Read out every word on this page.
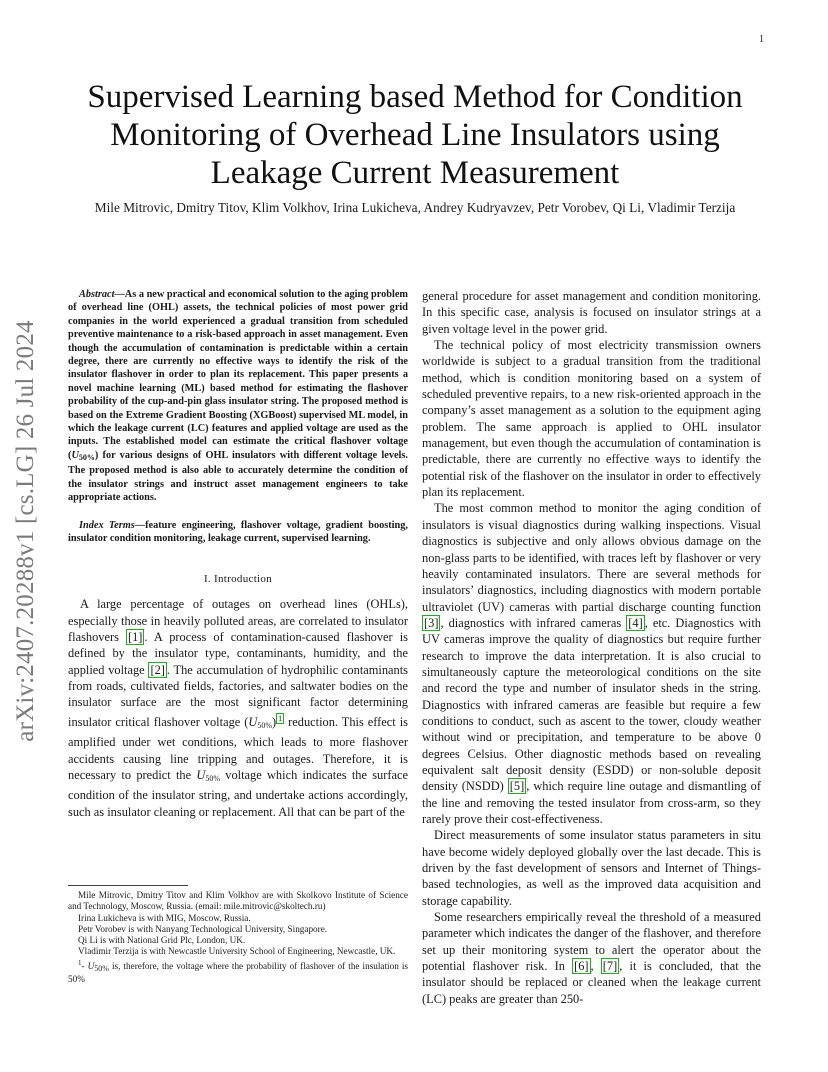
1
arXiv:2407.20288v1 [cs.LG] 26 Jul 2024
Supervised Learning based Method for Condition Monitoring of Overhead Line Insulators using Leakage Current Measurement
Mile Mitrovic, Dmitry Titov, Klim Volkhov, Irina Lukicheva, Andrey Kudryavzev, Petr Vorobev, Qi Li, Vladimir Terzija

Abstract—As a new practical and economical solution to the aging problem of overhead line (OHL) assets, the technical policies of most power grid companies in the world experienced a gradual transition from scheduled preventive maintenance to a risk-based approach in asset management. Even though the accumulation of contamination is predictable within a certain degree, there are currently no effective ways to identify the risk of the insulator flashover in order to plan its replacement. This paper presents a novel machine learning (ML) based method for estimating the flashover probability of the cup-and-pin glass insulator string. The proposed method is based on the Extreme Gradient Boosting (XGBoost) supervised ML model, in which the leakage current (LC) features and applied voltage are used as the inputs. The established model can estimate the critical flashover voltage $(U_{50\%})$ for various designs of OHL insulators with different voltage levels. The proposed method is also able to accurately determine the condition of the insulator strings and instruct asset management engineers to take appropriate actions.

Index Terms—feature engineering, flashover voltage, gradient boosting, insulator condition monitoring, leakage current, supervised learning.

I. Introduction

A large percentage of outages on overhead lines (OHLs), especially those in heavily polluted areas, are correlated to insulator flashovers [1] . A process of contamination-caused flashover is defined by the insulator type, contaminants, humidity, and the applied voltage [2] . The accumulation of hydrophilic contaminants from roads, cultivated fields, factories, and saltwater bodies on the insulator surface are the most significant factor determining insulator critical flashover voltage $(U_{50\%})$ $^1$ reduction. This effect is amplified under wet conditions, which leads to more flashover accidents causing line tripping and outages. Therefore, it is necessary to predict the $U_{50\%}$ voltage which indicates the surface condition of the insulator string, and undertake actions accordingly, such as insulator cleaning or replacement. All that can be part of the

Mile Mitrovic, Dmitry Titov and Klim Volkhov are with Skolkovo Institute of Science and Technology, Moscow, Russia. (email: mile.mitrovic@skoltech.ru)

Irina Lukicheva is with MIG, Moscow, Russia.

Petr Vorobev is with Nanyang Technological University, Singapore.

Qi Li is with National Grid Plc, London, UK.

Vladimir Terzija is with Newcastle University School of Engineering, Newcastle, UK.

$^1$- U50% is, therefore, the voltage where the probability of flashover of the insulation is 50%

general procedure for asset management and condition monitoring. In this specific case, analysis is focused on insulator strings at a given voltage level in the power grid.

The technical policy of most electricity transmission owners worldwide is subject to a gradual transition from the traditional method, which is condition monitoring based on a system of scheduled preventive repairs, to a new risk-oriented approach in the company’s asset management as a solution to the equipment aging problem. The same approach is applied to OHL insulator management, but even though the accumulation of contamination is predictable, there are currently no effective ways to identify the potential risk of the flashover on the insulator in order to effectively plan its replacement.

The most common method to monitor the aging condition of insulators is visual diagnostics during walking inspections. Visual diagnostics is subjective and only allows obvious damage on the non-glass parts to be identified, with traces left by flashover or very heavily contaminated insulators. There are several methods for insulators’ diagnostics, including diagnostics with modern portable ultraviolet (UV) cameras with partial discharge counting function [3] , diagnostics with infrared cameras [4] , etc. Diagnostics with UV cameras improve the quality of diagnostics but require further research to improve the data interpretation. It is also crucial to simultaneously capture the meteorological conditions on the site and record the type and number of insulator sheds in the string. Diagnostics with infrared cameras are feasible but require a few conditions to conduct, such as ascent to the tower, cloudy weather without wind or precipitation, and temperature to be above 0 degrees Celsius. Other diagnostic methods based on revealing equivalent salt deposit density (ESDD) or non-soluble deposit density (NSDD) [5] , which require line outage and dismantling of the line and removing the tested insulator from cross-arm, so they rarely prove their cost-effectiveness.

Direct measurements of some insulator status parameters in situ have become widely deployed globally over the last decade. This is driven by the fast development of sensors and Internet of Things-based technologies, as well as the improved data acquisition and storage capability.

Some researchers empirically reveal the threshold of a measured parameter which indicates the danger of the flashover, and therefore set up their monitoring system to alert the operator about the potential flashover risk. In [6] , [7] , it is concluded, that the insulator should be replaced or cleaned when the leakage current (LC) peaks are greater than 250-
